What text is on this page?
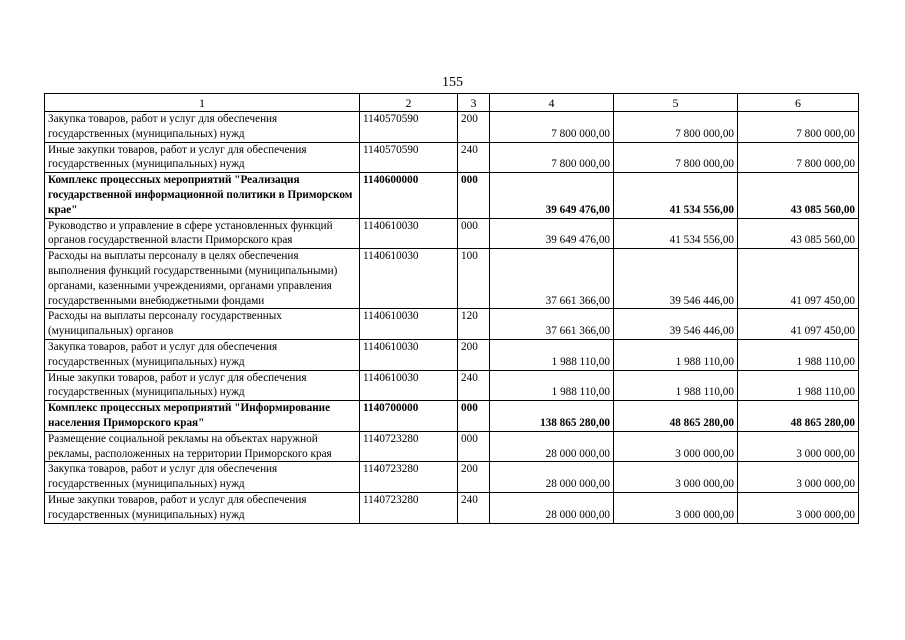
155
1	2	3	4	5	6
Закупка товаров, работ и услуг для обеспечения государственных (муниципальных) нужд	1140570590	200	7 800 000,00	7 800 000,00	7 800 000,00
Иные закупки товаров, работ и услуг для обеспечения государственных (муниципальных) нужд	1140570590	240	7 800 000,00	7 800 000,00	7 800 000,00
Комплекс процессных мероприятий "Реализация государственной информационной политики в Приморском крае"	1140600000	000	39 649 476,00	41 534 556,00	43 085 560,00
Руководство и управление в сфере установленных функций органов государственной власти Приморского края	1140610030	000	39 649 476,00	41 534 556,00	43 085 560,00
Расходы на выплаты персоналу в целях обеспечения выполнения функций государственными (муниципальными) органами, казенными учреждениями, органами управления государственными внебюджетными фондами	1140610030	100	37 661 366,00	39 546 446,00	41 097 450,00
Расходы на выплаты персоналу государственных (муниципальных) органов	1140610030	120	37 661 366,00	39 546 446,00	41 097 450,00
Закупка товаров, работ и услуг для обеспечения государственных (муниципальных) нужд	1140610030	200	1 988 110,00	1 988 110,00	1 988 110,00
Иные закупки товаров, работ и услуг для обеспечения государственных (муниципальных) нужд	1140610030	240	1 988 110,00	1 988 110,00	1 988 110,00
Комплекс процессных мероприятий "Информирование населения Приморского края"	1140700000	000	138 865 280,00	48 865 280,00	48 865 280,00
Размещение социальной рекламы на объектах наружной рекламы, расположенных на территории Приморского края	1140723280	000	28 000 000,00	3 000 000,00	3 000 000,00
Закупка товаров, работ и услуг для обеспечения государственных (муниципальных) нужд	1140723280	200	28 000 000,00	3 000 000,00	3 000 000,00
Иные закупки товаров, работ и услуг для обеспечения государственных (муниципальных) нужд	1140723280	240	28 000 000,00	3 000 000,00	3 000 000,00
